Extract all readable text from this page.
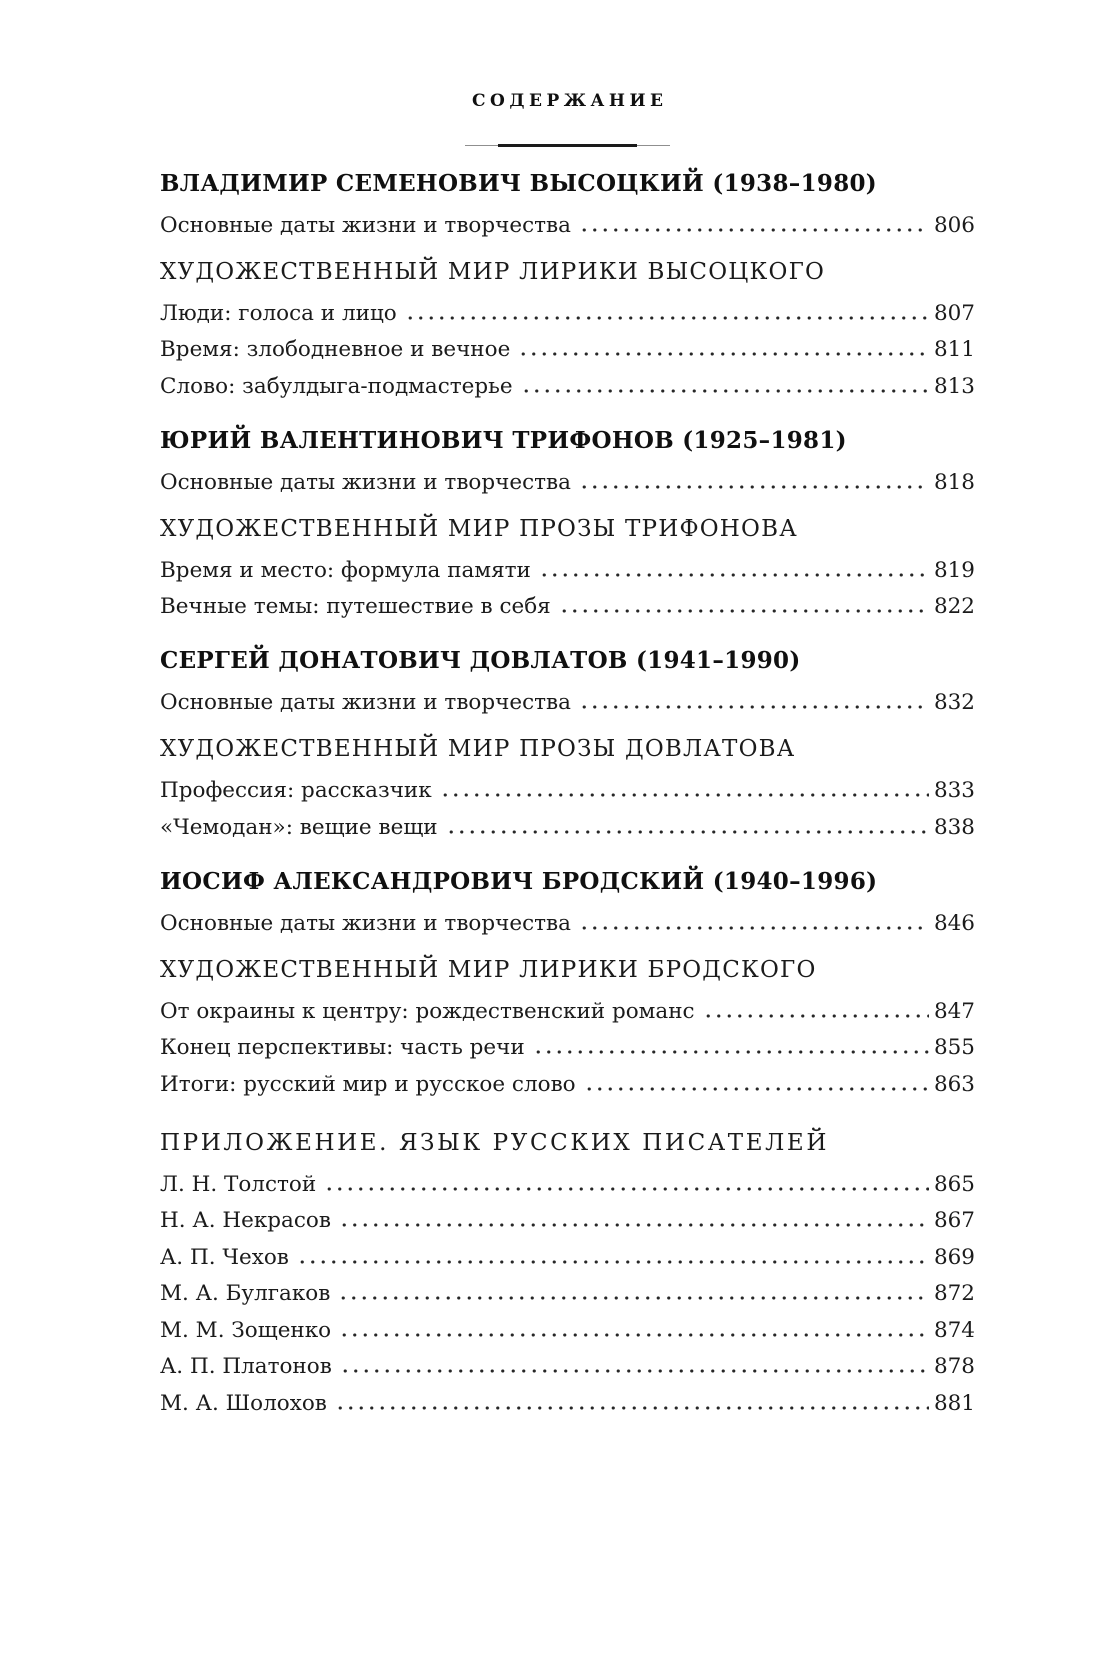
СОДЕРЖАНИЕ
ВЛАДИМИР СЕМЕНОВИЧ ВЫСОЦКИЙ (1938–1980)
Основные даты жизни и творчества	806
ХУДОЖЕСТВЕННЫЙ МИР ЛИРИКИ ВЫСОЦКОГО
Люди: голоса и лицо	807
Время: злободневное и вечное	811
Слово: забулдыга-подмастерье	813
ЮРИЙ ВАЛЕНТИНОВИЧ ТРИФОНОВ (1925–1981)
Основные даты жизни и творчества	818
ХУДОЖЕСТВЕННЫЙ МИР ПРОЗЫ ТРИФОНОВА
Время и место: формула памяти	819
Вечные темы: путешествие в себя	822
СЕРГЕЙ ДОНАТОВИЧ ДОВЛАТОВ (1941–1990)
Основные даты жизни и творчества	832
ХУДОЖЕСТВЕННЫЙ МИР ПРОЗЫ ДОВЛАТОВА
Профессия: рассказчик	833
«Чемодан»: вещие вещи	838
ИОСИФ АЛЕКСАНДРОВИЧ БРОДСКИЙ (1940–1996)
Основные даты жизни и творчества	846
ХУДОЖЕСТВЕННЫЙ МИР ЛИРИКИ БРОДСКОГО
От окраины к центру: рождественский романс	847
Конец перспективы: часть речи	855
Итоги: русский мир и русское слово	863
ПРИЛОЖЕНИЕ. ЯЗЫК РУССКИХ ПИСАТЕЛЕЙ
Л. Н. Толстой	865
Н. А. Некрасов	867
А. П. Чехов	869
М. А. Булгаков	872
М. М. Зощенко	874
А. П. Платонов	878
М. А. Шолохов	881
